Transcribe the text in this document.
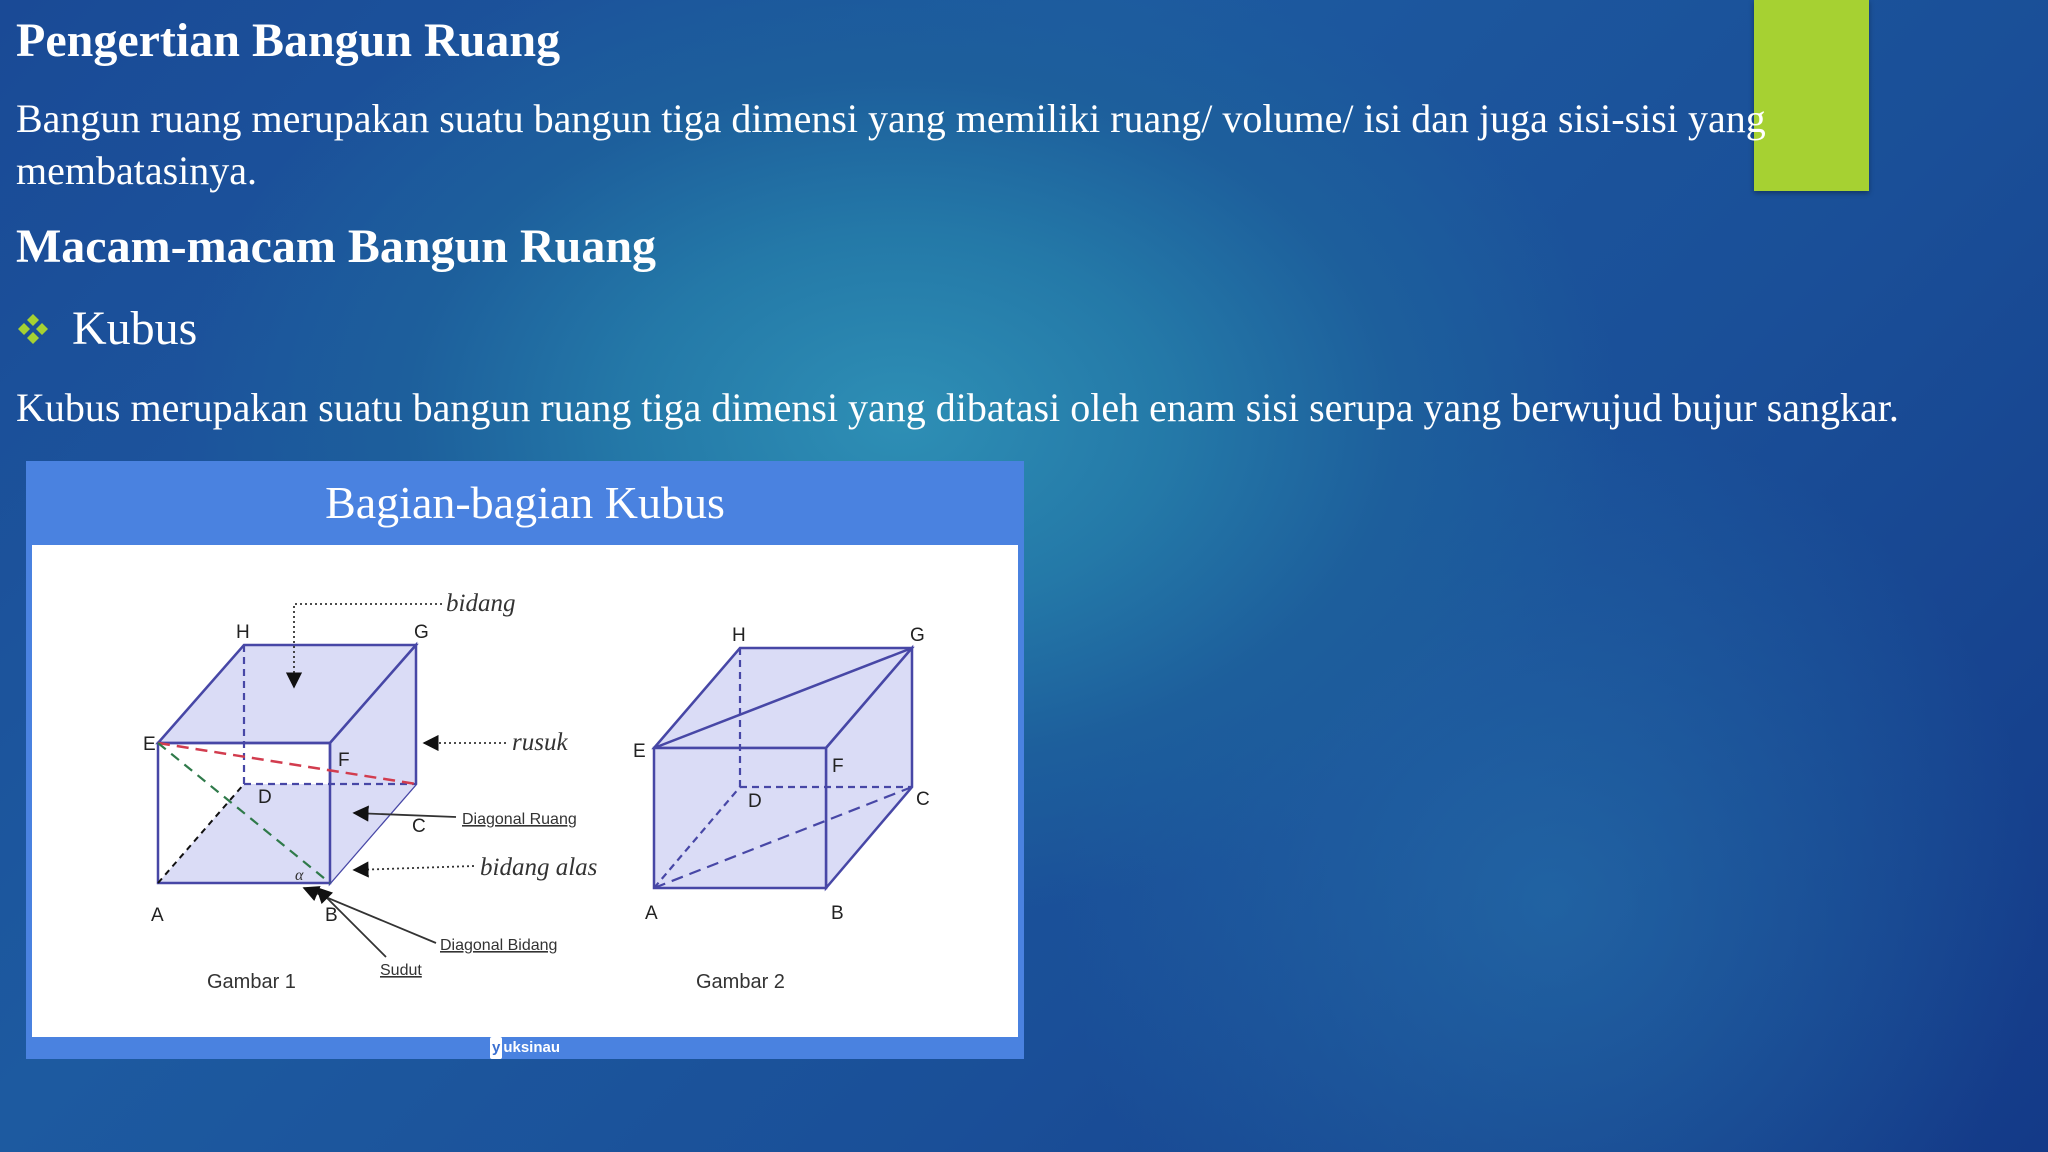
Pengertian Bangun Ruang

Bangun ruang merupakan suatu bangun tiga dimensi yang memiliki ruang/ volume/ isi dan juga sisi-sisi yang membatasinya.

Macam-macam Bangun Ruang
Kubus

Kubus merupakan suatu bangun ruang tiga dimensi yang dibatasi oleh enam sisi serupa yang berwujud bujur sangkar.

Bagian-bagian Kubus
H	G
E
F
D
C
A	B
bidang
rusuk
Diagonal Ruang
bidang alas
Diagonal Bidang
Sudut
α
Gambar 1
H	G
E
F
D	C
A	B
Gambar 2
y uksinau
